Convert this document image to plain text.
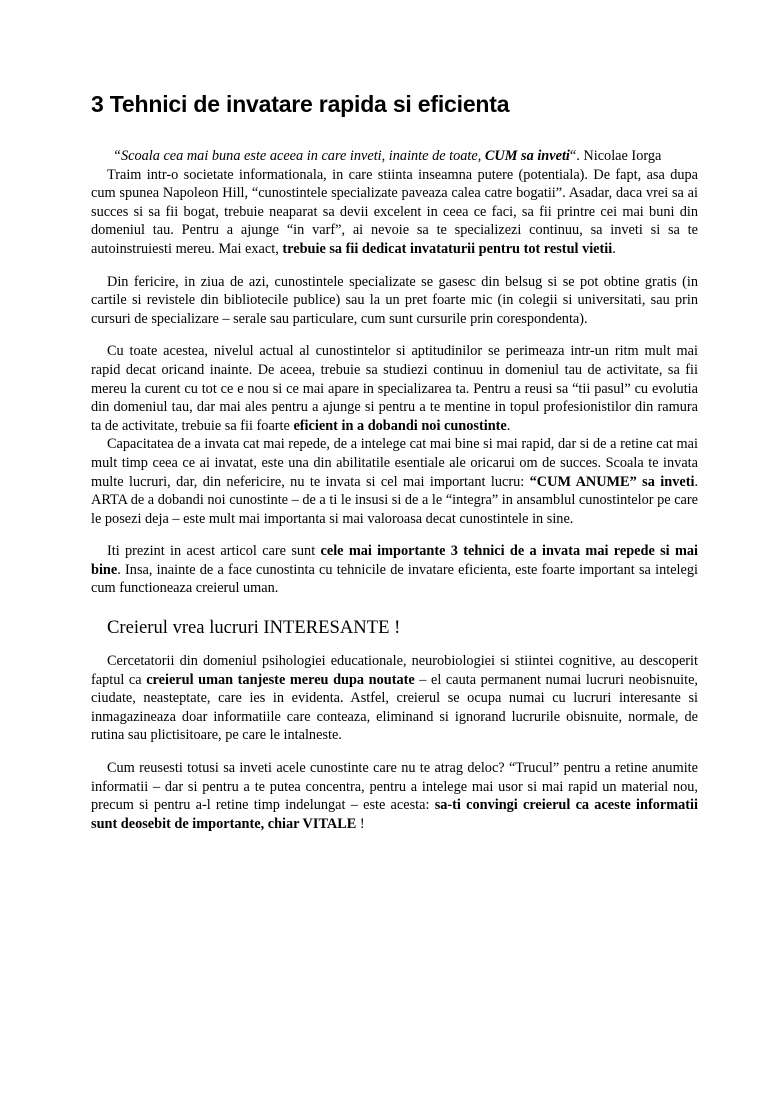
3 Tehnici de invatare rapida si eficienta

“Scoala cea mai buna este aceea in care inveti, inainte de toate, CUM sa inveti“. Nicolae Iorga

Traim intr-o societate informationala, in care stiinta inseamna putere (potentiala). De fapt, asa dupa cum spunea Napoleon Hill, “cunostintele specializate paveaza calea catre bogatii”. Asadar, daca vrei sa ai succes si sa fii bogat, trebuie neaparat sa devii excelent in ceea ce faci, sa fii printre cei mai buni din domeniul tau. Pentru a ajunge “in varf”, ai nevoie sa te specializezi continuu, sa inveti si sa te autoinstruiesti mereu. Mai exact, trebuie sa fii dedicat invataturii pentru tot restul vietii.

Din fericire, in ziua de azi, cunostintele specializate se gasesc din belsug si se pot obtine gratis (in cartile si revistele din bibliotecile publice) sau la un pret foarte mic (in colegii si universitati, sau prin cursuri de specializare – serale sau particulare, cum sunt cursurile prin corespondenta).

Cu toate acestea, nivelul actual al cunostintelor si aptitudinilor se perimeaza intr-un ritm mult mai rapid decat oricand inainte. De aceea, trebuie sa studiezi continuu in domeniul tau de activitate, sa fii mereu la curent cu tot ce e nou si ce mai apare in specializarea ta. Pentru a reusi sa “tii pasul” cu evolutia din domeniul tau, dar mai ales pentru a ajunge si pentru a te mentine in topul profesionistilor din ramura ta de activitate, trebuie sa fii foarte eficient in a dobandi noi cunostinte.

Capacitatea de a invata cat mai repede, de a intelege cat mai bine si mai rapid, dar si de a retine cat mai mult timp ceea ce ai invatat, este una din abilitatile esentiale ale oricarui om de succes. Scoala te invata multe lucruri, dar, din nefericire, nu te invata si cel mai important lucru: “CUM ANUME” sa inveti. ARTA de a dobandi noi cunostinte – de a ti le insusi si de a le “integra” in ansamblul cunostintelor pe care le posezi deja – este mult mai importanta si mai valoroasa decat cunostintele in sine.

Iti prezint in acest articol care sunt cele mai importante 3 tehnici de a invata mai repede si mai bine. Insa, inainte de a face cunostinta cu tehnicile de invatare eficienta, este foarte important sa intelegi cum functioneaza creierul uman.

Creierul vrea lucruri INTERESANTE !

Cercetatorii din domeniul psihologiei educationale, neurobiologiei si stiintei cognitive, au descoperit faptul ca creierul uman tanjeste mereu dupa noutate – el cauta permanent numai lucruri neobisnuite, ciudate, neasteptate, care ies in evidenta. Astfel, creierul se ocupa numai cu lucruri interesante si inmagazineaza doar informatiile care conteaza, eliminand si ignorand lucrurile obisnuite, normale, de rutina sau plictisitoare, pe care le intalneste.

Cum reusesti totusi sa inveti acele cunostinte care nu te atrag deloc? “Trucul” pentru a retine anumite informatii – dar si pentru a te putea concentra, pentru a intelege mai usor si mai rapid un material nou, precum si pentru a-l retine timp indelungat – este acesta: sa-ti convingi creierul ca aceste informatii sunt deosebit de importante, chiar VITALE !
